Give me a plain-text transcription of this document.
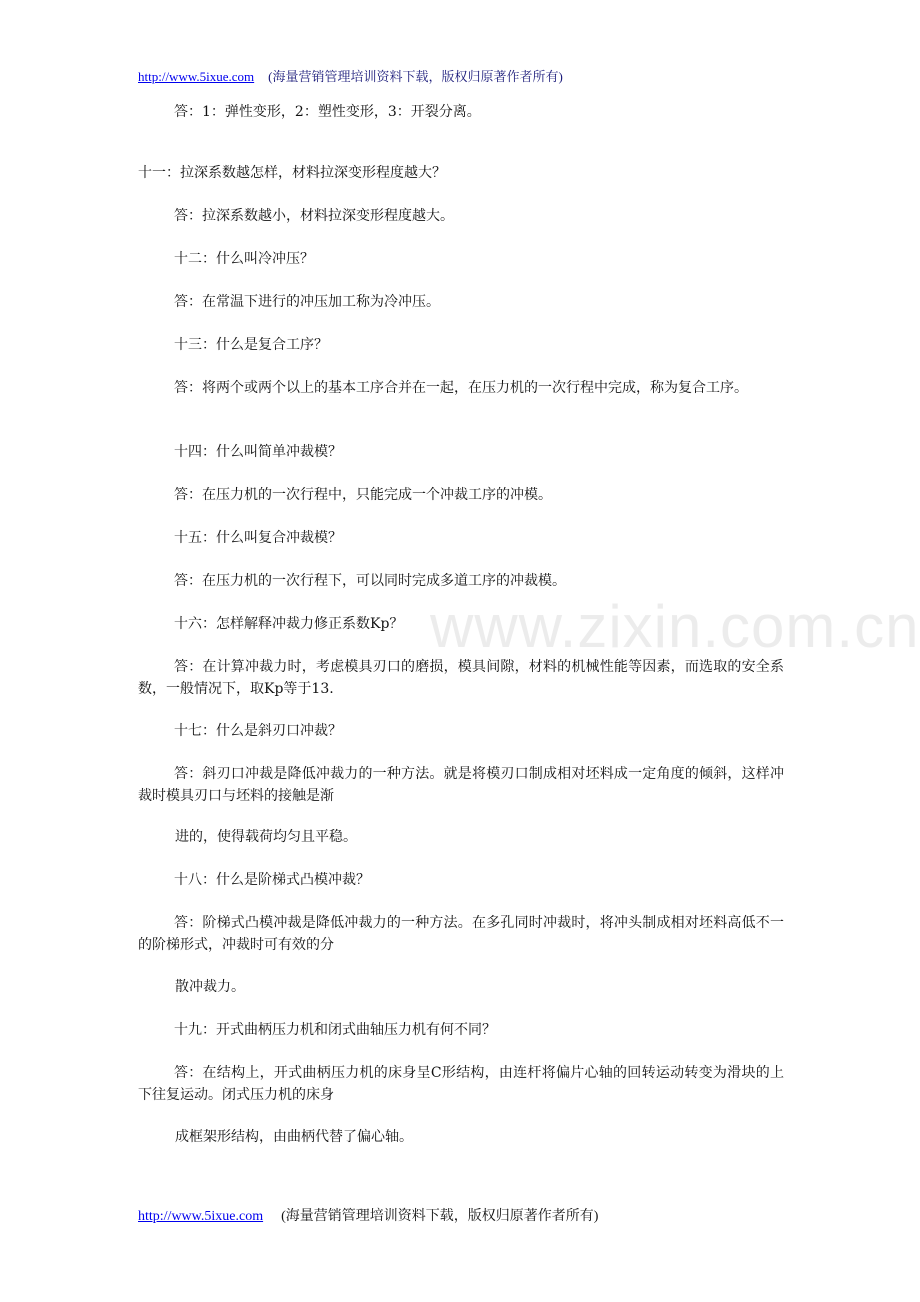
http://www.5ixue.com (海量营销管理培训资料下载，版权归原著作者所有)
www.zixin.com.cn

答：1：弹性变形，2：塑性变形，3：开裂分离。

十一：拉深系数越怎样，材料拉深变形程度越大？

答：拉深系数越小，材料拉深变形程度越大。

十二：什么叫冷冲压？

答：在常温下进行的冲压加工称为冷冲压。

十三：什么是复合工序？

答：将两个或两个以上的基本工序合并在一起，在压力机的一次行程中完成，称为复合工序。

十四：什么叫简单冲裁模？

答：在压力机的一次行程中，只能完成一个冲裁工序的冲模。

十五：什么叫复合冲裁模？

答：在压力机的一次行程下，可以同时完成多道工序的冲裁模。

十六：怎样解释冲裁力修正系数Kp？

答：在计算冲裁力时，考虑模具刃口的磨损，模具间隙，材料的机械性能等因素，而选取的安全系数，一般情况下，取Kp等于13.

十七：什么是斜刃口冲裁？

答：斜刃口冲裁是降低冲裁力的一种方法。就是将模刃口制成相对坯料成一定角度的倾斜，这样冲裁时模具刃口与坯料的接触是渐

进的，使得载荷均匀且平稳。

十八：什么是阶梯式凸模冲裁？

答：阶梯式凸模冲裁是降低冲裁力的一种方法。在多孔同时冲裁时，将冲头制成相对坯料高低不一的阶梯形式，冲裁时可有效的分

散冲裁力。

十九：开式曲柄压力机和闭式曲轴压力机有何不同？

答：在结构上，开式曲柄压力机的床身呈C形结构，由连杆将偏片心轴的回转运动转变为滑块的上下往复运动。闭式压力机的床身

成框架形结构，由曲柄代替了偏心轴。

http://www.5ixue.com (海量营销管理培训资料下载，版权归原著作者所有)
